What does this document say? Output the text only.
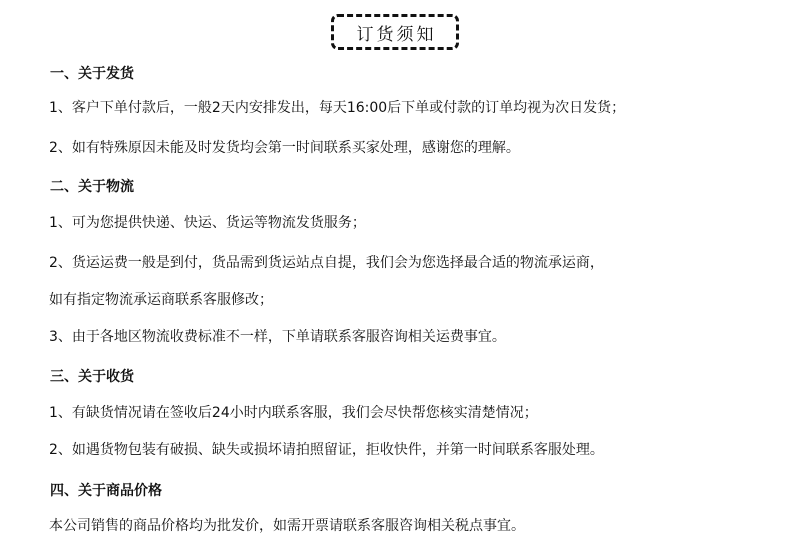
订货须知
一、关于发货
1、客户下单付款后，一般2天内安排发出，每天16:00后下单或付款的订单均视为次日发货；
2、如有特殊原因未能及时发货均会第一时间联系买家处理，感谢您的理解。
二、关于物流
1、可为您提供快递、快运、货运等物流发货服务；
2、货运运费一般是到付，货品需到货运站点自提，我们会为您选择最合适的物流承运商，
如有指定物流承运商联系客服修改；
3、由于各地区物流收费标准不一样，下单请联系客服咨询相关运费事宜。
三、关于收货
1、有缺货情况请在签收后24小时内联系客服，我们会尽快帮您核实清楚情况；
2、如遇货物包装有破损、缺失或损坏请拍照留证，拒收快件，并第一时间联系客服处理。
四、关于商品价格
本公司销售的商品价格均为批发价，如需开票请联系客服咨询相关税点事宜。
